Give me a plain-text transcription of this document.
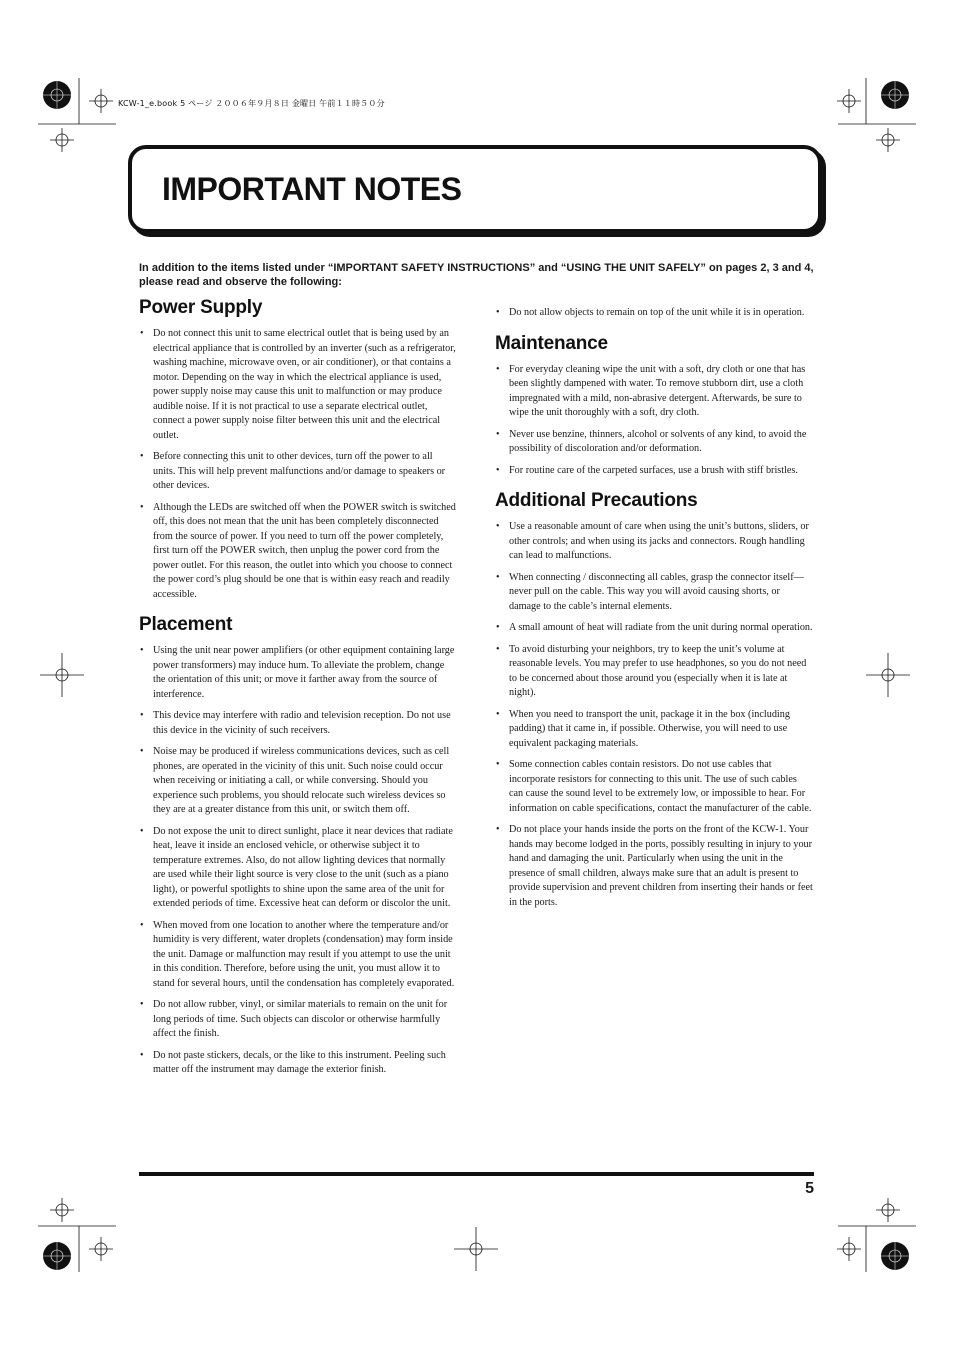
KCW-1_e.book 5 ページ ２００６年９月８日 金曜日 午前１１時５０分
IMPORTANT NOTES
In addition to the items listed under “IMPORTANT SAFETY INSTRUCTIONS” and “USING THE UNIT SAFELY” on pages 2, 3 and 4, please read and observe the following:
Power Supply
• Do not connect this unit to same electrical outlet that is being used by an electrical appliance that is controlled by an inverter (such as a refrigerator, washing machine, microwave oven, or air conditioner), or that contains a motor. Depending on the way in which the electrical appliance is used, power supply noise may cause this unit to malfunction or may produce audible noise. If it is not practical to use a separate electrical outlet, connect a power supply noise filter between this unit and the electrical outlet.
• Before connecting this unit to other devices, turn off the power to all units. This will help prevent malfunctions and/or damage to speakers or other devices.
• Although the LEDs are switched off when the POWER switch is switched off, this does not mean that the unit has been completely disconnected from the source of power. If you need to turn off the power completely, first turn off the POWER switch, then unplug the power cord from the power outlet. For this reason, the outlet into which you choose to connect the power cord’s plug should be one that is within easy reach and readily accessible.
Placement
• Using the unit near power amplifiers (or other equipment containing large power transformers) may induce hum. To alleviate the problem, change the orientation of this unit; or move it farther away from the source of interference.
• This device may interfere with radio and television reception. Do not use this device in the vicinity of such receivers.
• Noise may be produced if wireless communications devices, such as cell phones, are operated in the vicinity of this unit. Such noise could occur when receiving or initiating a call, or while conversing. Should you experience such problems, you should relocate such wireless devices so they are at a greater distance from this unit, or switch them off.
• Do not expose the unit to direct sunlight, place it near devices that radiate heat, leave it inside an enclosed vehicle, or otherwise subject it to temperature extremes. Also, do not allow lighting devices that normally are used while their light source is very close to the unit (such as a piano light), or powerful spotlights to shine upon the same area of the unit for extended periods of time. Excessive heat can deform or discolor the unit.
• When moved from one location to another where the temperature and/or humidity is very different, water droplets (condensation) may form inside the unit. Damage or malfunction may result if you attempt to use the unit in this condition. Therefore, before using the unit, you must allow it to stand for several hours, until the condensation has completely evaporated.
• Do not allow rubber, vinyl, or similar materials to remain on the unit for long periods of time. Such objects can discolor or otherwise harmfully affect the finish.
• Do not paste stickers, decals, or the like to this instrument. Peeling such matter off the instrument may damage the exterior finish.
• Do not allow objects to remain on top of the unit while it is in operation.
Maintenance
• For everyday cleaning wipe the unit with a soft, dry cloth or one that has been slightly dampened with water. To remove stubborn dirt, use a cloth impregnated with a mild, non-abrasive detergent. Afterwards, be sure to wipe the unit thoroughly with a soft, dry cloth.
• Never use benzine, thinners, alcohol or solvents of any kind, to avoid the possibility of discoloration and/or deformation.
• For routine care of the carpeted surfaces, use a brush with stiff bristles.
Additional Precautions
• Use a reasonable amount of care when using the unit’s buttons, sliders, or other controls; and when using its jacks and connectors. Rough handling can lead to malfunctions.
• When connecting / disconnecting all cables, grasp the connector itself—never pull on the cable. This way you will avoid causing shorts, or damage to the cable’s internal elements.
• A small amount of heat will radiate from the unit during normal operation.
• To avoid disturbing your neighbors, try to keep the unit’s volume at reasonable levels. You may prefer to use headphones, so you do not need to be concerned about those around you (especially when it is late at night).
• When you need to transport the unit, package it in the box (including padding) that it came in, if possible. Otherwise, you will need to use equivalent packaging materials.
• Some connection cables contain resistors. Do not use cables that incorporate resistors for connecting to this unit. The use of such cables can cause the sound level to be extremely low, or impossible to hear. For information on cable specifications, contact the manufacturer of the cable.
• Do not place your hands inside the ports on the front of the KCW-1. Your hands may become lodged in the ports, possibly resulting in injury to your hand and damaging the unit. Particularly when using the unit in the presence of small children, always make sure that an adult is present to provide supervision and prevent children from inserting their hands or feet in the ports.
5
